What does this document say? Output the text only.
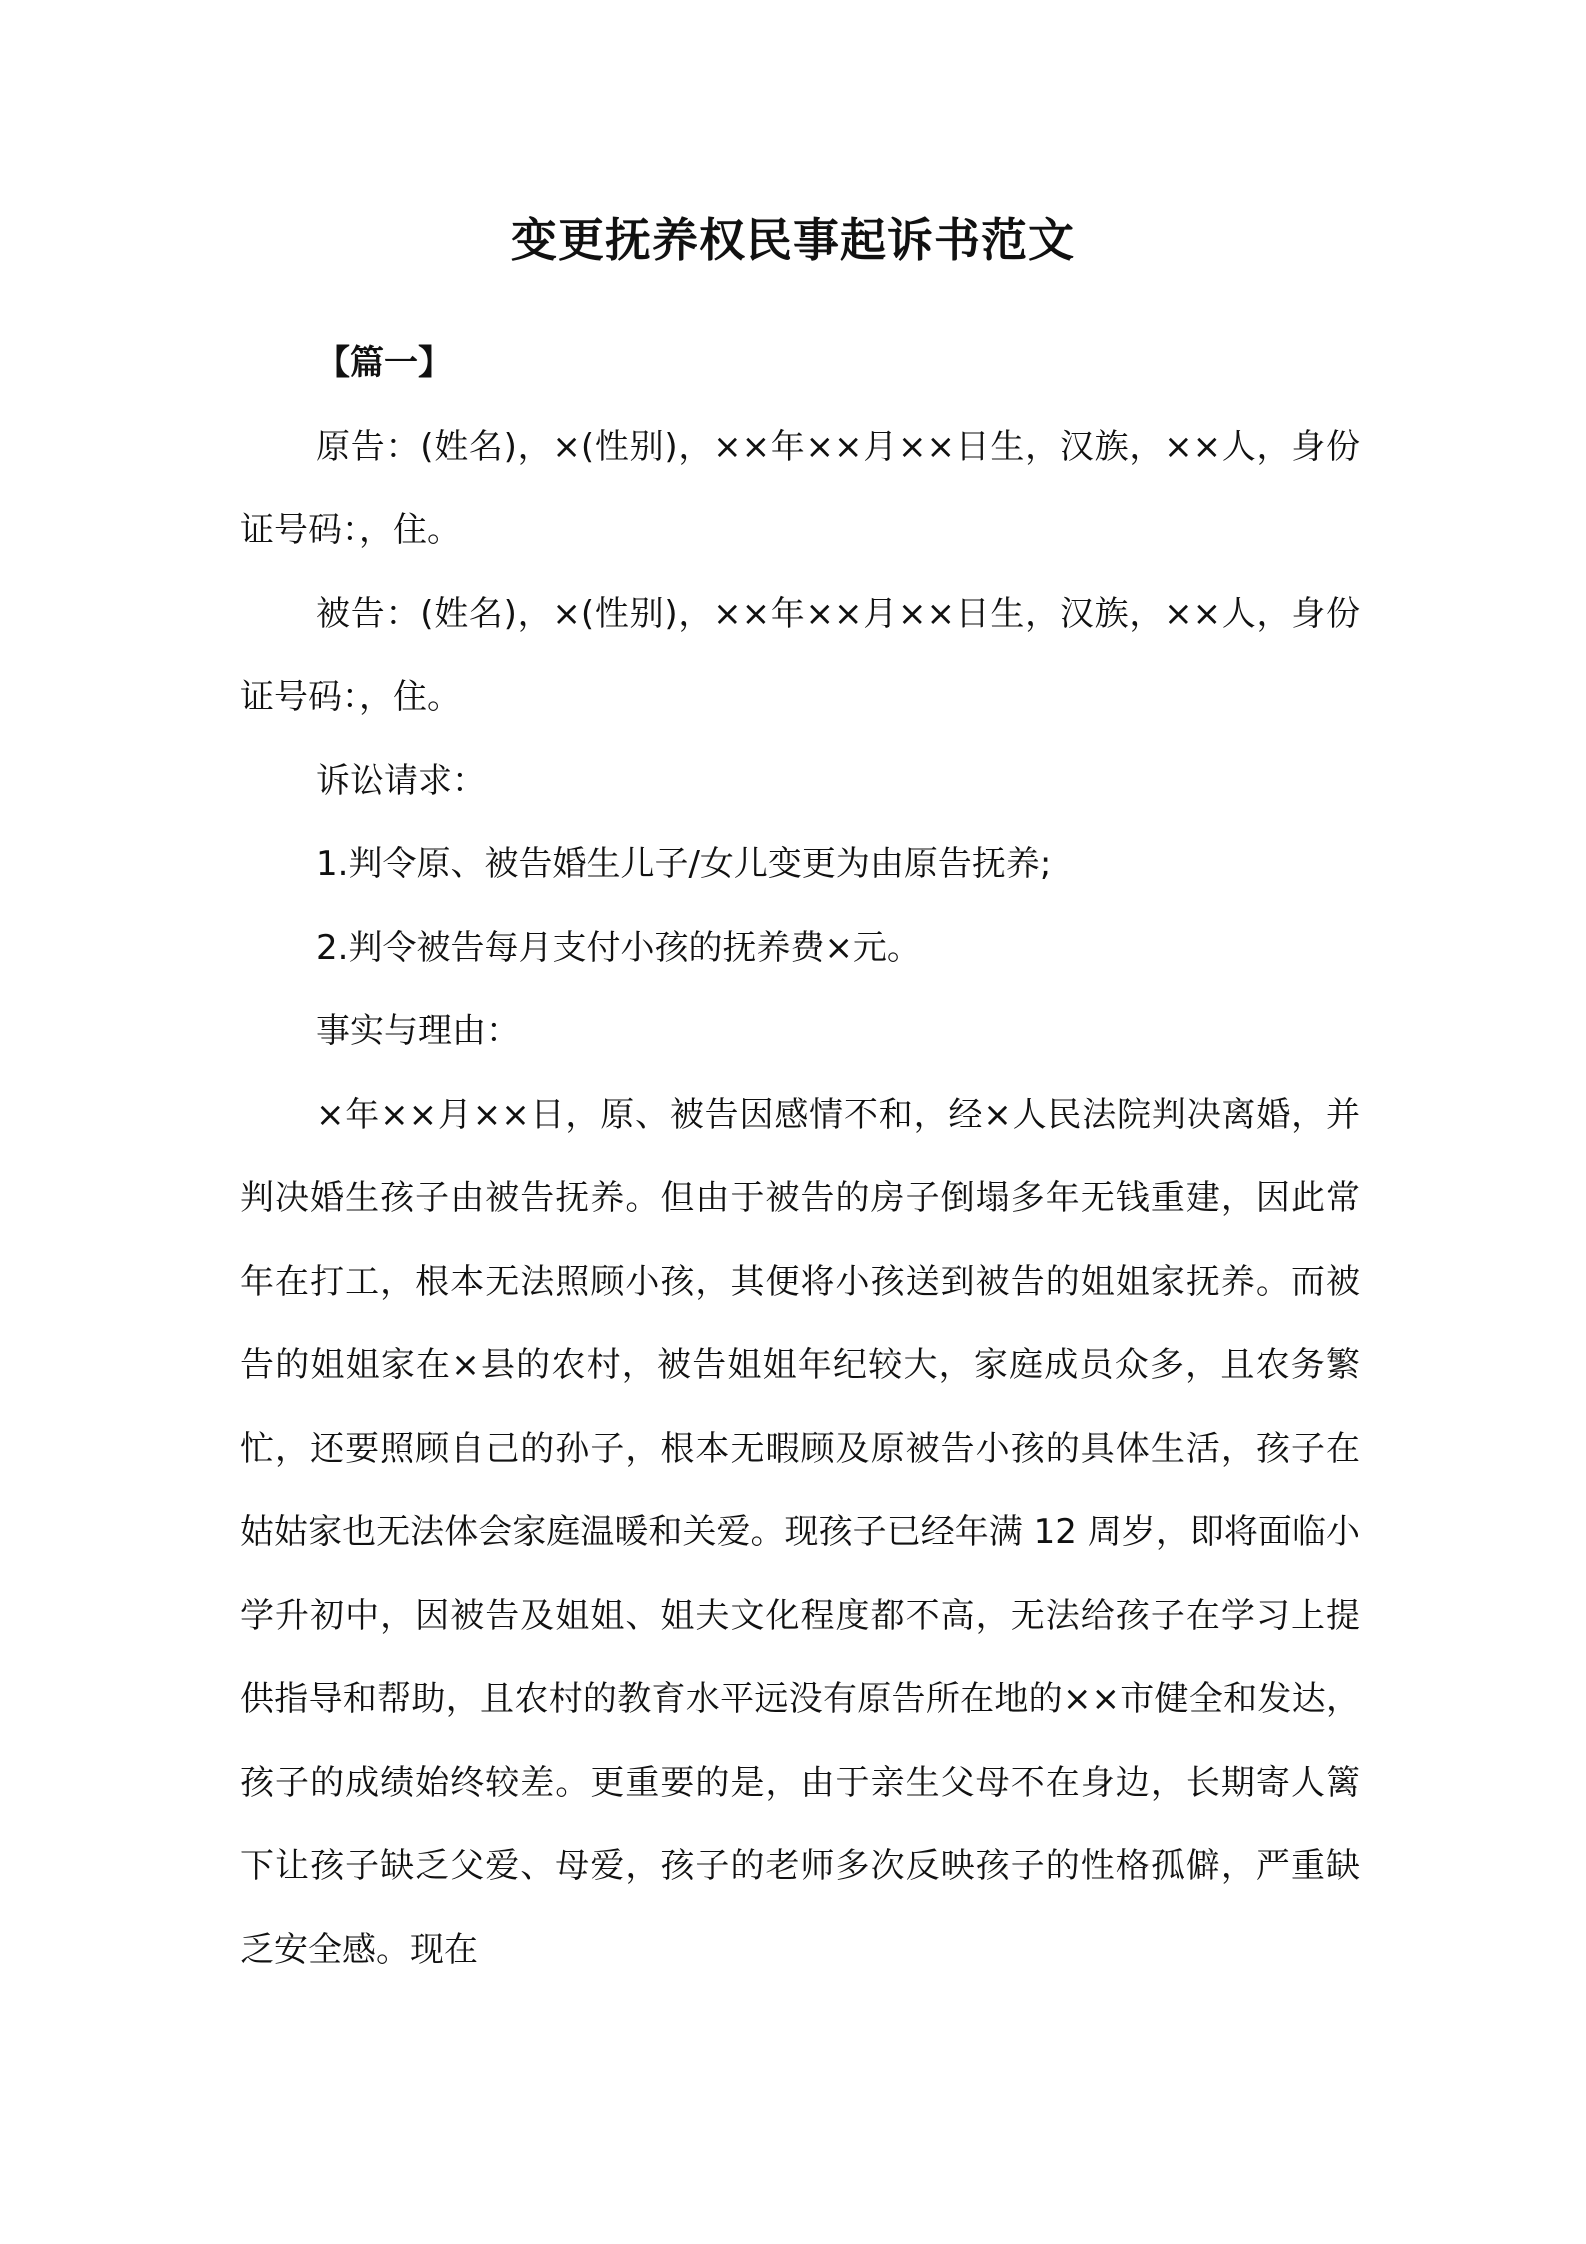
变更抚养权民事起诉书范文

【篇一】

原告：(姓名)，×(性别)，××年××月××日生，汉族，××人，身份证号码：，住。

被告：(姓名)，×(性别)，××年××月××日生，汉族，××人，身份证号码：，住。

诉讼请求：

1.判令原、被告婚生儿子/女儿变更为由原告抚养;

2.判令被告每月支付小孩的抚养费×元。

事实与理由：

×年××月××日，原、被告因感情不和，经×人民法院判决离婚，并判决婚生孩子由被告抚养。但由于被告的房子倒塌多年无钱重建，因此常年在打工，根本无法照顾小孩，其便将小孩送到被告的姐姐家抚养。而被告的姐姐家在×县的农村，被告姐姐年纪较大，家庭成员众多，且农务繁忙，还要照顾自己的孙子，根本无暇顾及原被告小孩的具体生活，孩子在姑姑家也无法体会家庭温暖和关爱。现孩子已经年满 12 周岁，即将面临小学升初中，因被告及姐姐、姐夫文化程度都不高，无法给孩子在学习上提供指导和帮助，且农村的教育水平远没有原告所在地的××市健全和发达，孩子的成绩始终较差。更重要的是，由于亲生父母不在身边，长期寄人篱下让孩子缺乏父爱、母爱，孩子的老师多次反映孩子的性格孤僻，严重缺乏安全感。现在
